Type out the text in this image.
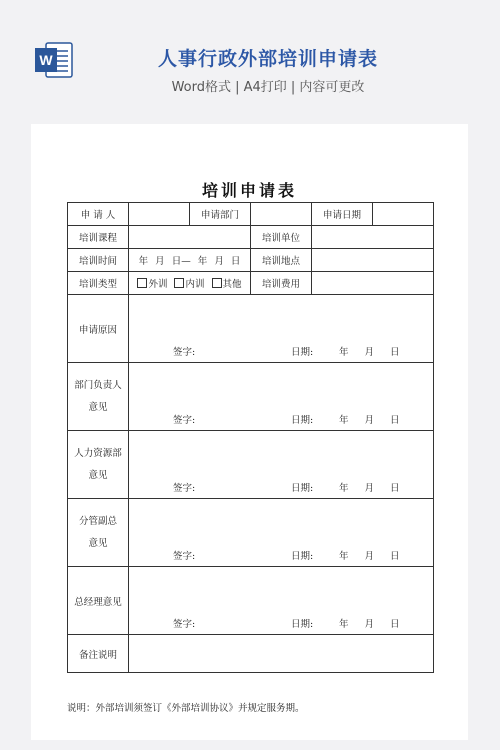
W	人事行政外部培训申请表
Word格式 | A4打印 | 内容可更改
培训申请表
申 请 人		申请部门		申请日期	
培训课程			培训单位		
培训时间	年 月 日— 年 月 日		培训地点		
培训类型	外训 内训 其他		培训费用		
申请原因	签字: 日期: 年 月 日				

部门负责人
意见	签字: 日期: 年 月 日				

人力资源部
意见	签字: 日期: 年 月 日				

分管副总
意见	签字: 日期: 年 月 日				

总经理意见	签字: 日期: 年 月 日				

备注说明					
说明：外部培训须签订《外部培训协议》并规定服务期。
